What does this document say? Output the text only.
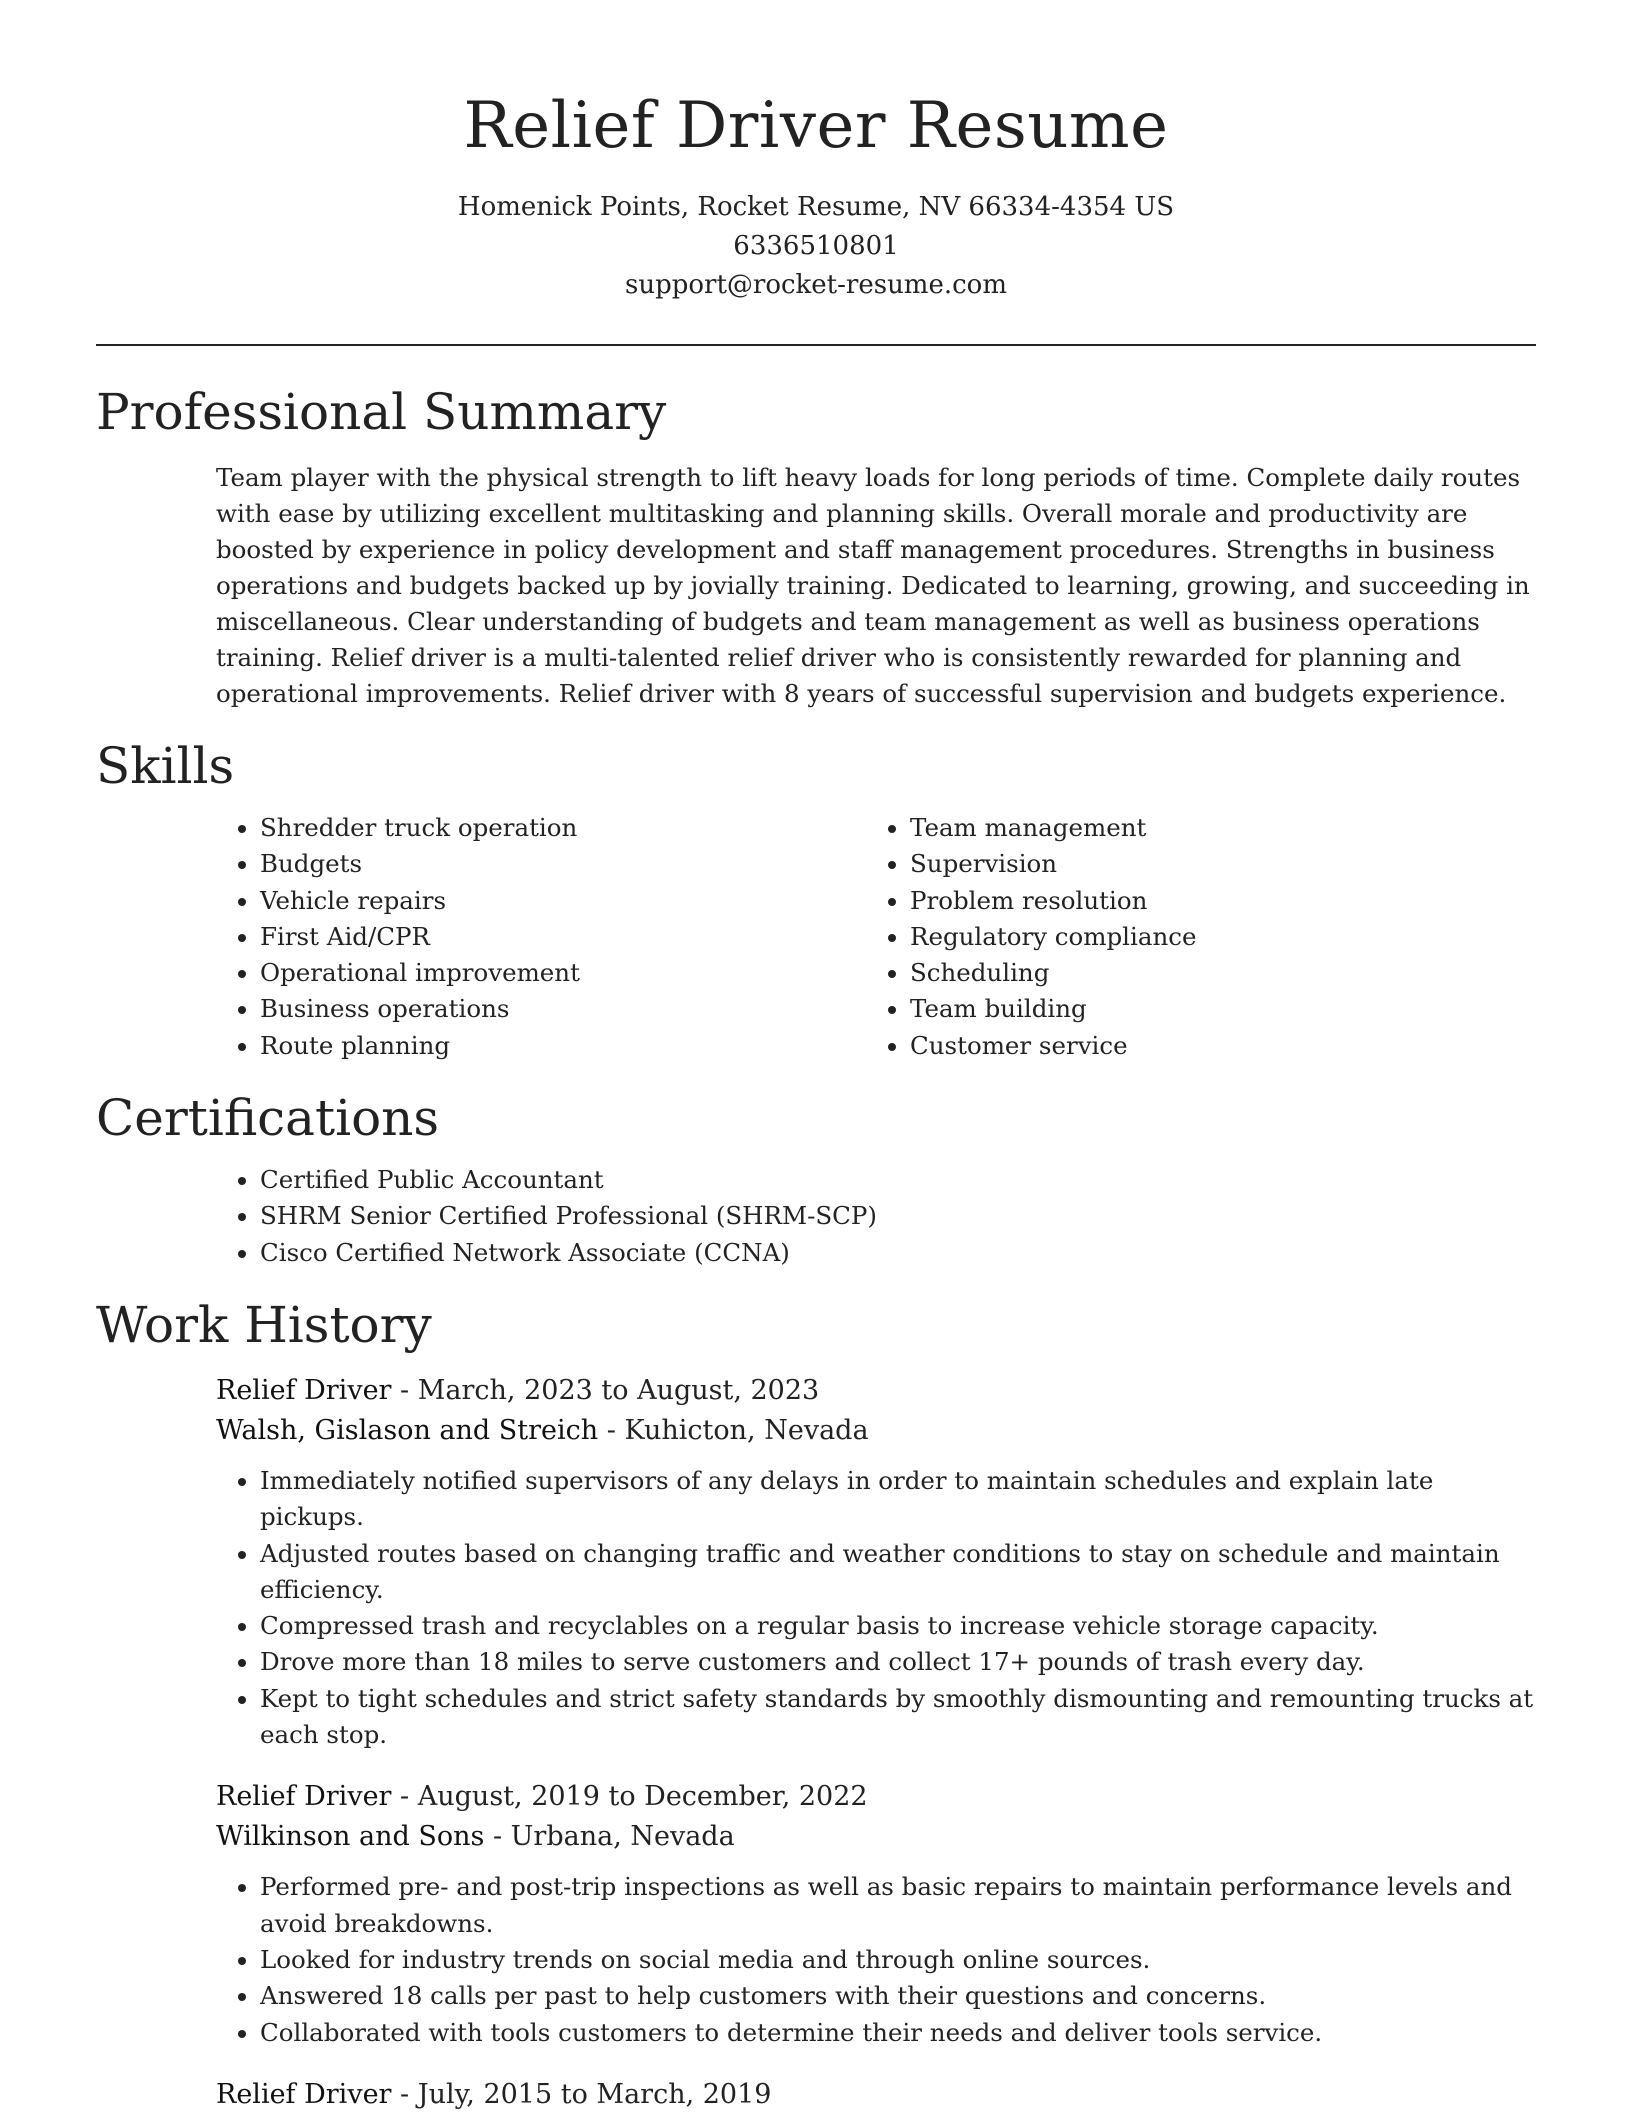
Relief Driver Resume
Homenick Points, Rocket Resume, NV 66334-4354 US
6336510801
support@rocket-resume.com
Professional Summary

Team player with the physical strength to lift heavy loads for long periods of time. Complete daily routes with ease by utilizing excellent multitasking and planning skills. Overall morale and productivity are boosted by experience in policy development and staff management procedures. Strengths in business operations and budgets backed up by jovially training. Dedicated to learning, growing, and succeeding in miscellaneous. Clear understanding of budgets and team management as well as business operations training. Relief driver is a multi-talented relief driver who is consistently rewarded for planning and operational improvements. Relief driver with 8 years of successful supervision and budgets experience.

Skills
• Shredder truck operation
• Budgets
• Vehicle repairs
• First Aid/CPR
• Operational improvement
• Business operations
• Route planning
• Team management
• Supervision
• Problem resolution
• Regulatory compliance
• Scheduling
• Team building
• Customer service
Certifications
• Certified Public Accountant
• SHRM Senior Certified Professional (SHRM-SCP)
• Cisco Certified Network Associate (CCNA)
Work History
Relief Driver - March, 2023 to August, 2023
Walsh, Gislason and Streich - Kuhicton, Nevada
• Immediately notified supervisors of any delays in order to maintain schedules and explain late pickups.
• Adjusted routes based on changing traffic and weather conditions to stay on schedule and maintain efficiency.
• Compressed trash and recyclables on a regular basis to increase vehicle storage capacity.
• Drove more than 18 miles to serve customers and collect 17+ pounds of trash every day.
• Kept to tight schedules and strict safety standards by smoothly dismounting and remounting trucks at each stop.
Relief Driver - August, 2019 to December, 2022
Wilkinson and Sons - Urbana, Nevada
• Performed pre- and post-trip inspections as well as basic repairs to maintain performance levels and avoid breakdowns.
• Looked for industry trends on social media and through online sources.
• Answered 18 calls per past to help customers with their questions and concerns.
• Collaborated with tools customers to determine their needs and deliver tools service.
Relief Driver - July, 2015 to March, 2019
